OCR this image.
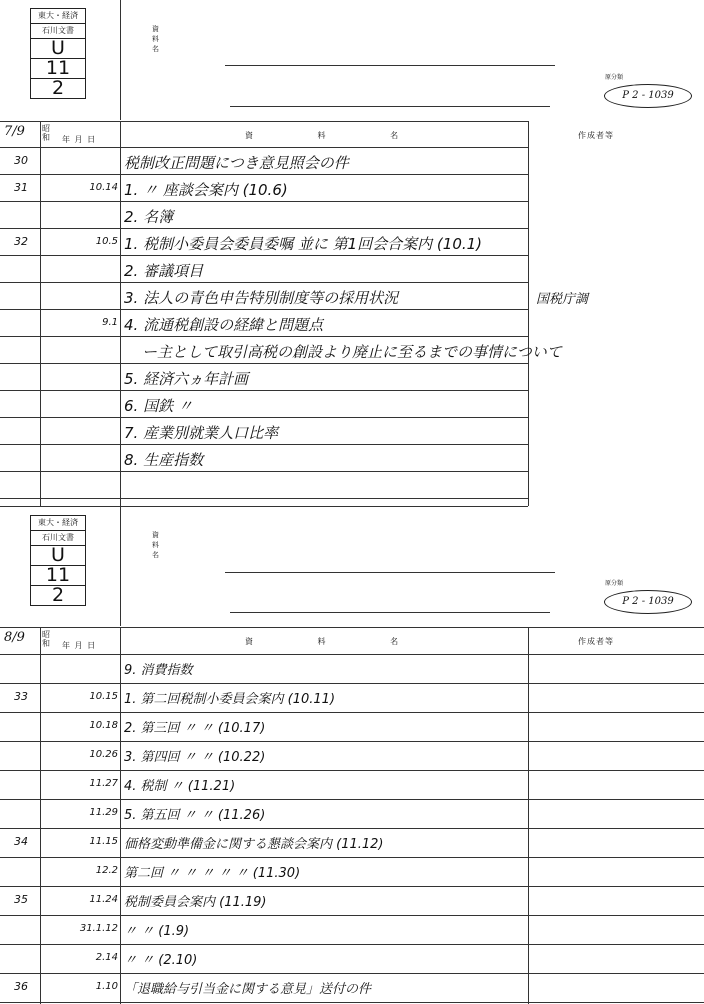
東大・経済
石川文書
U
11
2
資料名
原分類
P 2 - 1039
7/9 昭和 年 月 日	資 料 名	作成者等
30	税制改正問題につき意見照会の件
31	10.14 1. 〃 座談会案内 (10.6)
2. 名簿
32	10.5 1. 税制小委員会委員委嘱 並に 第1回会合案内 (10.1)
2. 審議項目
3. 法人の青色申告特別制度等の採用状況	国税庁調
9.1 4. 流通税創設の経緯と問題点
ー主として取引高税の創設より廃止に至るまでの事情について
5. 経済六ヵ年計画
6. 国鉄 〃
7. 産業別就業人口比率
8. 生産指数
東大・経済
石川文書
U
11
2
資料名
原分類
P 2 - 1039
8/9 昭和 年 月 日	資 料 名	作成者等
9. 消費指数
33	10.15 1. 第二回税制小委員会案内 (10.11)
10.18 2. 第三回 〃 〃 (10.17)
10.26 3. 第四回 〃 〃 (10.22)
11.27 4. 税制 〃 (11.21)
11.29 5. 第五回 〃 〃 (11.26)
34	11.15 価格変動準備金に関する懇談会案内 (11.12)
12.2 第二回 〃 〃 〃 〃 〃 (11.30)
35	11.24 税制委員会案内 (11.19)
31.1.12 〃 〃 (1.9)
2.14 〃 〃 (2.10)
36	1.10 「退職給与引当金に関する意見」送付の件
